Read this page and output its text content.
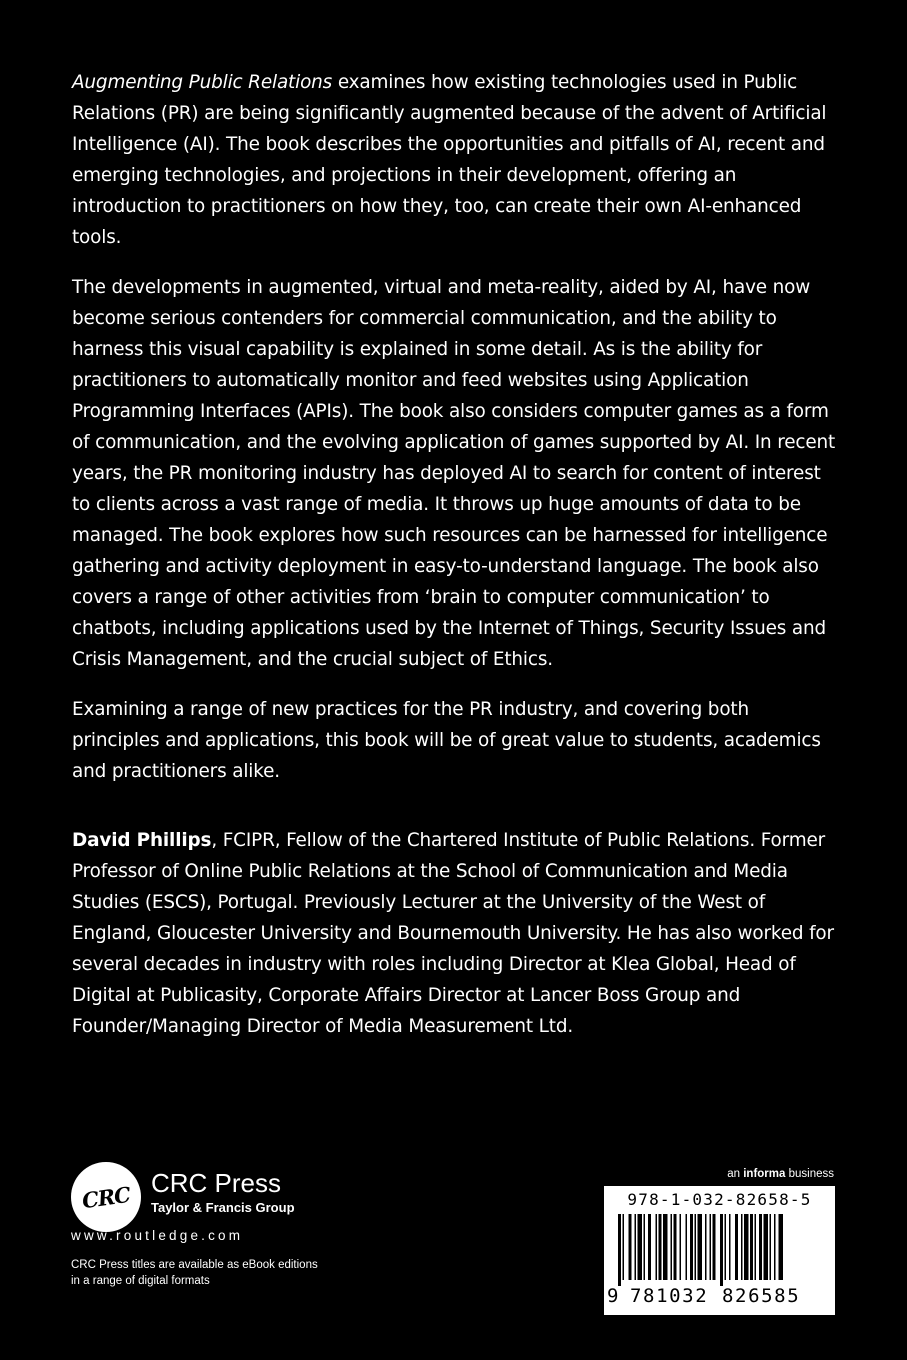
Augmenting Public Relations examines how existing technologies used in Public Relations (PR) are being significantly augmented because of the advent of Artificial Intelligence (AI). The book describes the opportunities and pitfalls of AI, recent and emerging technologies, and projections in their development, offering an introduction to practitioners on how they, too, can create their own AI-enhanced tools.

The developments in augmented, virtual and meta-reality, aided by AI, have now become serious contenders for commercial communication, and the ability to harness this visual capability is explained in some detail. As is the ability for practitioners to automatically monitor and feed websites using Application Programming Interfaces (APIs). The book also considers computer games as a form of communication, and the evolving application of games supported by AI. In recent years, the PR monitoring industry has deployed AI to search for content of interest to clients across a vast range of media. It throws up huge amounts of data to be managed. The book explores how such resources can be harnessed for intelligence gathering and activity deployment in easy-to-understand language. The book also covers a range of other activities from ‘brain to computer communication’ to chatbots, including applications used by the Internet of Things, Security Issues and Crisis Management, and the crucial subject of Ethics.

Examining a range of new practices for the PR industry, and covering both principles and applications, this book will be of great value to students, academics and practitioners alike.

David Phillips, FCIPR, Fellow of the Chartered Institute of Public Relations. Former Professor of Online Public Relations at the School of Communication and Media Studies (ESCS), Portugal. Previously Lecturer at the University of the West of England, Gloucester University and Bournemouth University. He has also worked for several decades in industry with roles including Director at Klea Global, Head of Digital at Publicasity, Corporate Affairs Director at Lancer Boss Group and Founder/Managing Director of Media Measurement Ltd.

CRC CRC Press
Taylor & Francis Group
www.routledge.com
CRC Press titles are available as eBook editions
in a range of digital formats
an informa business
978-1-032-82658-5
9 781032 826585
